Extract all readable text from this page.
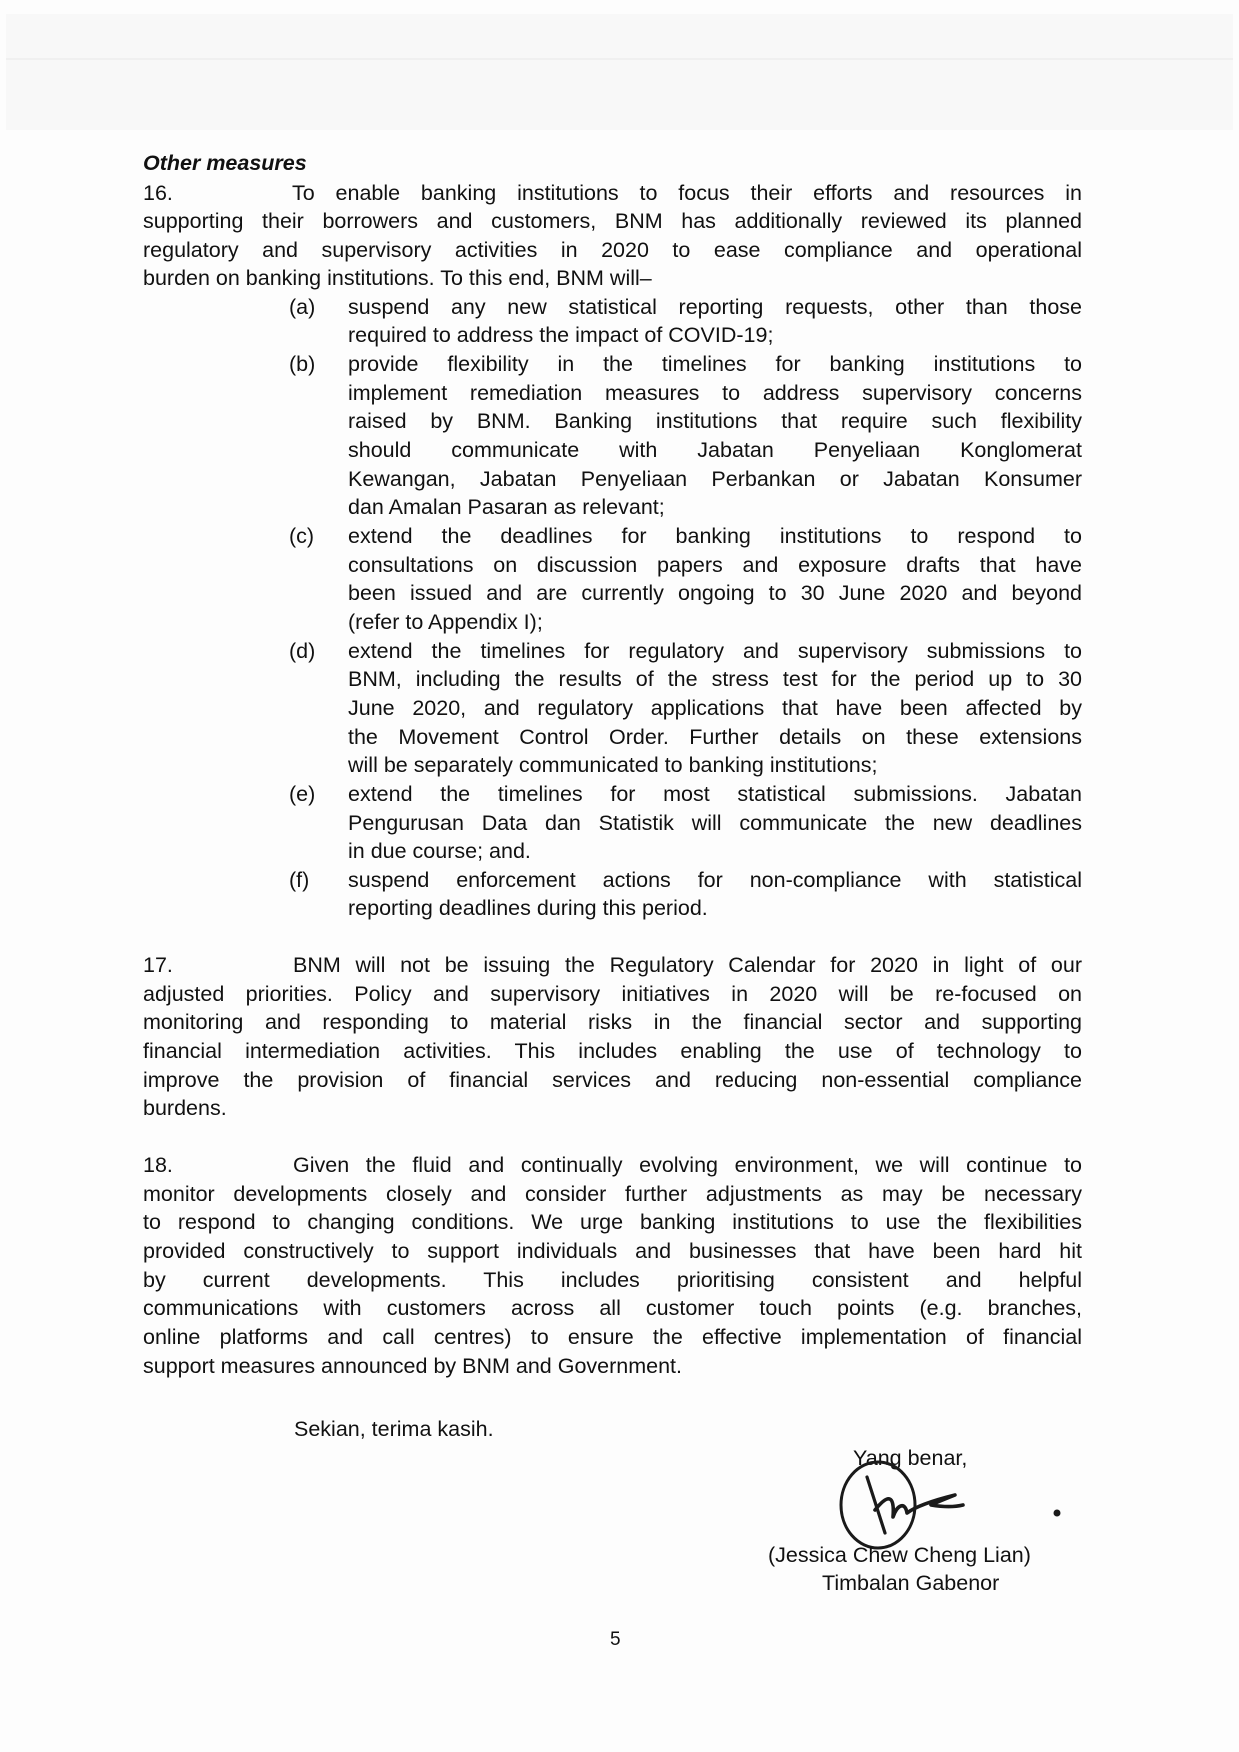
Other measures
16.	To enable banking institutions to focus their efforts and resources in
supporting their borrowers and customers, BNM has additionally reviewed its planned
regulatory and supervisory activities in 2020 to ease compliance and operational
burden on banking institutions. To this end, BNM will–
(a) suspend any new statistical reporting requests, other than those
required to address the impact of COVID-19;
(b) provide flexibility in the timelines for banking institutions to
implement remediation measures to address supervisory concerns
raised by BNM. Banking institutions that require such flexibility
should communicate with Jabatan Penyeliaan Konglomerat
Kewangan, Jabatan Penyeliaan Perbankan or Jabatan Konsumer
dan Amalan Pasaran as relevant;
(c) extend the deadlines for banking institutions to respond to
consultations on discussion papers and exposure drafts that have
been issued and are currently ongoing to 30 June 2020 and beyond
(refer to Appendix I);
(d) extend the timelines for regulatory and supervisory submissions to
BNM, including the results of the stress test for the period up to 30
June 2020, and regulatory applications that have been affected by
the Movement Control Order. Further details on these extensions
will be separately communicated to banking institutions;
(e) extend the timelines for most statistical submissions. Jabatan
Pengurusan Data dan Statistik will communicate the new deadlines
in due course; and.
(f) suspend enforcement actions for non-compliance with statistical
reporting deadlines during this period.
17.	BNM will not be issuing the Regulatory Calendar for 2020 in light of our
adjusted priorities. Policy and supervisory initiatives in 2020 will be re-focused on
monitoring and responding to material risks in the financial sector and supporting
financial intermediation activities. This includes enabling the use of technology to
improve the provision of financial services and reducing non-essential compliance
burdens.
18.	Given the fluid and continually evolving environment, we will continue to
monitor developments closely and consider further adjustments as may be necessary
to respond to changing conditions. We urge banking institutions to use the flexibilities
provided constructively to support individuals and businesses that have been hard hit
by current developments. This includes prioritising consistent and helpful
communications with customers across all customer touch points (e.g. branches,
online platforms and call centres) to ensure the effective implementation of financial
support measures announced by BNM and Government.
Sekian, terima kasih.
Yang benar,
(Jessica Chew Cheng Lian)
Timbalan Gabenor
5
